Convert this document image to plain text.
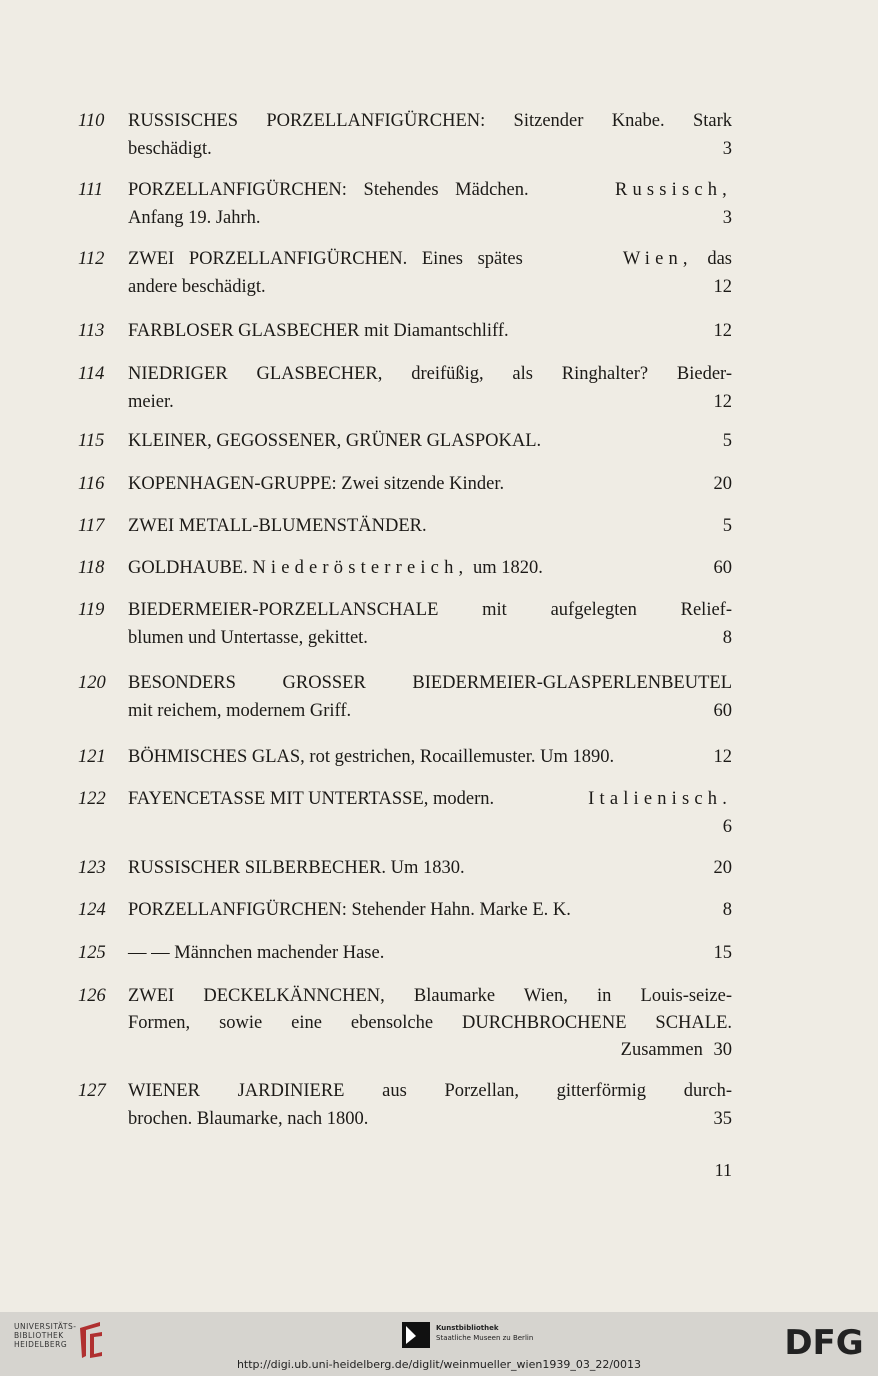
110	RUSSISCHES PORZELLANFIGÜRCHEN: Sitzender Knabe. Stark
beschädigt.	3
111	PORZELLANFIGÜRCHEN: Stehendes Mädchen.	Russisch,
Anfang 19. Jahrh.	3
112	ZWEI PORZELLANFIGÜRCHEN. Eines spätes	Wien, das
andere beschädigt.	12
113	FARBLOSER GLASBECHER mit Diamantschliff.	12
114	NIEDRIGER GLASBECHER, dreifüßig, als Ringhalter? Bieder-
meier.	12
115	KLEINER, GEGOSSENER, GRÜNER GLASPOKAL.	5
116	KOPENHAGEN-GRUPPE: Zwei sitzende Kinder.	20
117	ZWEI METALL-BLUMENSTÄNDER.	5
118	GOLDHAUBE. Niederösterreich, um 1820.	60
119	BIEDERMEIER-PORZELLANSCHALE mit aufgelegten Relief-
blumen und Untertasse, gekittet.	8
120	BESONDERS GROSSER BIEDERMEIER-GLASPERLENBEUTEL
mit reichem, modernem Griff.	60
121	BÖHMISCHES GLAS, rot gestrichen, Rocaillemuster. Um 1890.	12
122	FAYENCETASSE MIT UNTERTASSE, modern.	Italienisch.
6
123	RUSSISCHER SILBERBECHER. Um 1830.	20
124	PORZELLANFIGÜRCHEN: Stehender Hahn. Marke E. K.	8
125	— — Männchen machender Hase.	15
126	ZWEI DECKELKÄNNCHEN, Blaumarke Wien, in Louis-seize-
Formen, sowie eine ebensolche DURCHBROCHENE SCHALE.
Zusammen 30
127	WIENER JARDINIERE aus Porzellan, gitterförmig durch-
brochen. Blaumarke, nach 1800.	35
11
UNIVERSITÄTS-
BIBLIOTHEK
HEIDELBERG
Kunstbibliothek
Staatliche Museen zu Berlin	DFG
http://digi.ub.uni-heidelberg.de/diglit/weinmueller_wien1939_03_22/0013
